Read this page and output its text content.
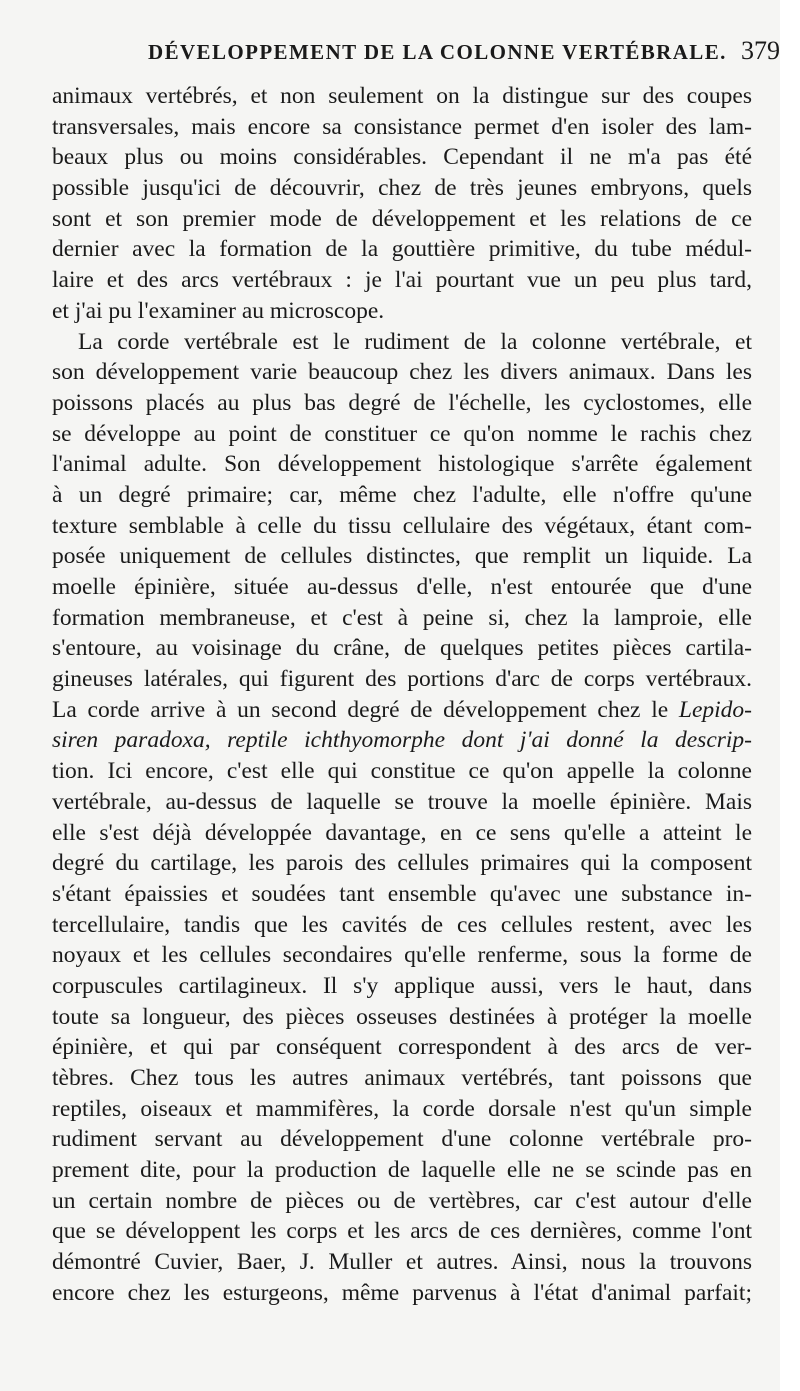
DÉVELOPPEMENT DE LA COLONNE VERTÉBRALE. 379
animaux vertébrés, et non seulement on la distingue sur des coupes
transversales, mais encore sa consistance permet d'en isoler des lam-
beaux plus ou moins considérables. Cependant il ne m'a pas été
possible jusqu'ici de découvrir, chez de très jeunes embryons, quels
sont et son premier mode de développement et les relations de ce
dernier avec la formation de la gouttière primitive, du tube médul-
laire et des arcs vertébraux : je l'ai pourtant vue un peu plus tard,
et j'ai pu l'examiner au microscope.
La corde vertébrale est le rudiment de la colonne vertébrale, et
son développement varie beaucoup chez les divers animaux. Dans les
poissons placés au plus bas degré de l'échelle, les cyclostomes, elle
se développe au point de constituer ce qu'on nomme le rachis chez
l'animal adulte. Son développement histologique s'arrête également
à un degré primaire; car, même chez l'adulte, elle n'offre qu'une
texture semblable à celle du tissu cellulaire des végétaux, étant com-
posée uniquement de cellules distinctes, que remplit un liquide. La
moelle épinière, située au-dessus d'elle, n'est entourée que d'une
formation membraneuse, et c'est à peine si, chez la lamproie, elle
s'entoure, au voisinage du crâne, de quelques petites pièces cartila-
gineuses latérales, qui figurent des portions d'arc de corps vertébraux.
La corde arrive à un second degré de développement chez le Lepido-
siren paradoxa, reptile ichthyomorphe dont j'ai donné la descrip-
tion. Ici encore, c'est elle qui constitue ce qu'on appelle la colonne
vertébrale, au-dessus de laquelle se trouve la moelle épinière. Mais
elle s'est déjà développée davantage, en ce sens qu'elle a atteint le
degré du cartilage, les parois des cellules primaires qui la composent
s'étant épaissies et soudées tant ensemble qu'avec une substance in-
tercellulaire, tandis que les cavités de ces cellules restent, avec les
noyaux et les cellules secondaires qu'elle renferme, sous la forme de
corpuscules cartilagineux. Il s'y applique aussi, vers le haut, dans
toute sa longueur, des pièces osseuses destinées à protéger la moelle
épinière, et qui par conséquent correspondent à des arcs de ver-
tèbres. Chez tous les autres animaux vertébrés, tant poissons que
reptiles, oiseaux et mammifères, la corde dorsale n'est qu'un simple
rudiment servant au développement d'une colonne vertébrale pro-
prement dite, pour la production de laquelle elle ne se scinde pas en
un certain nombre de pièces ou de vertèbres, car c'est autour d'elle
que se développent les corps et les arcs de ces dernières, comme l'ont
démontré Cuvier, Baer, J. Muller et autres. Ainsi, nous la trouvons
encore chez les esturgeons, même parvenus à l'état d'animal parfait;
